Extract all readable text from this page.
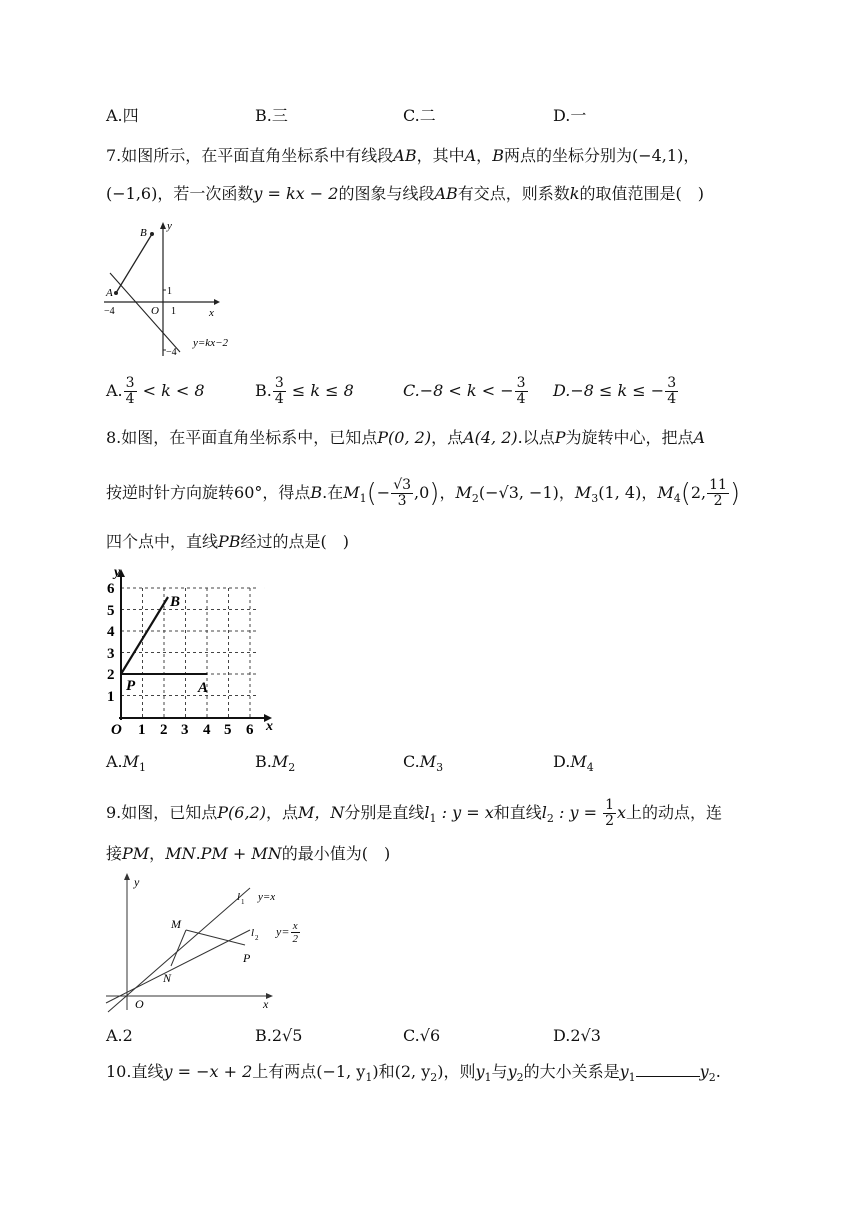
A.四	B.三	C.二	D.一
7.如图所示，在平面直角坐标系中有线段AB，其中A，B两点的坐标分别为(−4,1)，
(−1,6)，若一次函数y = kx − 2的图象与线段AB有交点，则系数k的取值范围是(　)
B
y
A
O	x
−4
1
1
−4
y=kx−2
A. $\frac{3}{4} < k < 8$	B. $\frac{3}{4} \le k \le 8$	C.−8 < k < − $\frac{3}{4} D.-8 \le k$ ≤ − $\frac{3}{4}$
8.如图，在平面直角坐标系中，已知点P(0, 2)，点A(4, 2).以点P为旋转中心，把点A
按逆时针方向旋转60°，得点B.在$M_1(- \frac{√3}{3} ,0)$，$M_2(-√3$, −1)，$M_3(1$, 4)，$M_4(2$, $\frac{11}{2}$ )
四个点中，直线PB经过的点是(　)
y
x
O
B
P	A
1 2 3 4 5 6
1
2
3
4
5
6
$A.M_1$	$B.M_2$	$C.M_3$	$D.M_4$
9.如图，已知点P(6,2)，点M，N分别是直线$l_1$ : y = x和直线$l_2$ : $y = \frac{1}{2}$ x上的动点，连
接PM，MN.PM + MN的最小值为(　)
y
x
O
M
N
P
l 1 y=x
l 2 $y= \frac{x}{2}$
A.2	B.2√5	C.√6	D.2√3
10.直线y = −x + 2上有两点(−1, $y_1$)和(2, $y_2$)，则$y_1$与$y_2$的大小关系是$y_1$	$y_2$.
